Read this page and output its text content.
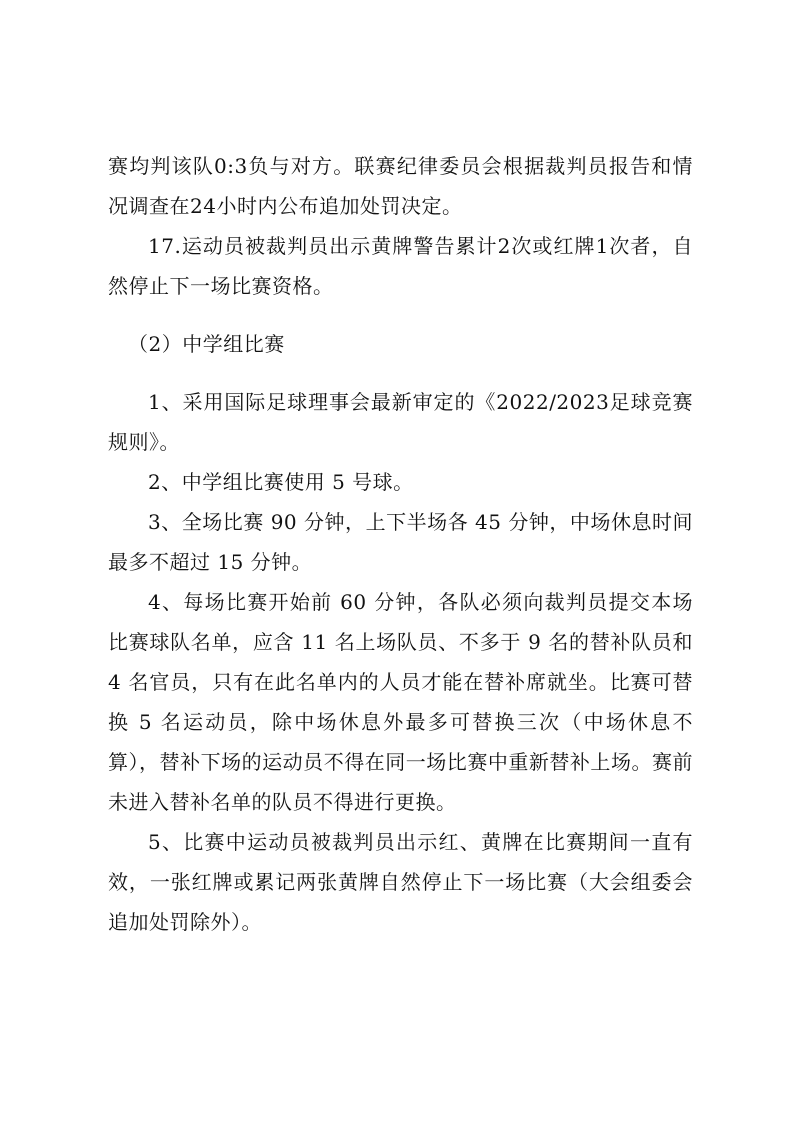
赛均判该队0:3负与对方。联赛纪律委员会根据裁判员报告和情况调查在24小时内公布追加处罚决定。

17.运动员被裁判员出示黄牌警告累计2次或红牌1次者，自然停止下一场比赛资格。

（2）中学组比赛

1、采用国际足球理事会最新审定的《2022/2023足球竞赛规则》。

2、中学组比赛使用 5 号球。

3、全场比赛 90 分钟，上下半场各 45 分钟，中场休息时间最多不超过 15 分钟。

4、每场比赛开始前 60 分钟，各队必须向裁判员提交本场比赛球队名单，应含 11 名上场队员、不多于 9 名的替补队员和 4 名官员，只有在此名单内的人员才能在替补席就坐。比赛可替换 5 名运动员，除中场休息外最多可替换三次（中场休息不算），替补下场的运动员不得在同一场比赛中重新替补上场。赛前未进入替补名单的队员不得进行更换。

5、比赛中运动员被裁判员出示红、黄牌在比赛期间一直有效，一张红牌或累记两张黄牌自然停止下一场比赛（大会组委会追加处罚除外）。
